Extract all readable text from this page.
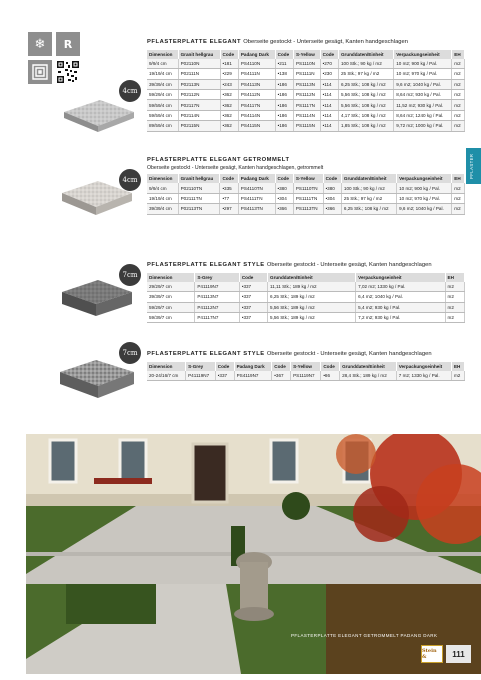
❄ R
PFLASTER
4cm
4cm
7cm
7cm
PFLASTERPLATTE ELEGANT Oberseite gestockt - Unterseite gesägt, Kanten handgeschlagen
Dimension	Granit hellgrau	Code	Padang Dark	Code	S-Yellow	Code	Grunddaten/Einheit	Verpackungseinheit	EH
9/9/4 cm	P02110N	•181	PS4110N	•211	PS1110N	•270	100 Stk.; 90 kg / m2	10 m2; 900 kg / Pal.	m2
19/19/4 cm	P02111N	•229	PS4111N	•138	PS1111N	•230	25 Stk.; 97 kg / m2	10 m2; 970 kg / Pal.	m2
39/39/4 cm	P02113N	•243	PS4113N	•186	PS1113N	•114	6,25 Stk.; 108 kg / m2	9,6 m2; 1040 kg / Pal.	m2
59/29/4 cm	P02112N	•362	PS4112N	•186	PS1112N	•114	5,56 Stk.; 108 kg / m2	8,64 m2; 930 kg / Pal.	m2
59/59/4 cm	P02117N	•362	PS4117N	•186	PS1117N	•114	5,56 Stk.; 108 kg / m2	11,52 m2; 930 kg / Pal.	m2
59/59/4 cm	P02114N	•362	PS4114N	•186	PS1114N	•114	4,17 Stk.; 108 kg / m2	8,64 m2; 1240 kg / Pal.	m2
89/59/4 cm	P02115N	•362	PS4115N	•186	PS1115N	•114	1,85 Stk.; 108 kg / m2	9,72 m2; 1000 kg / Pal.	m2
PFLASTERPLATTE ELEGANT GETROMMELT
Oberseite gestockt - Unterseite gesägt, Kanten handgeschlagen, getrommelt
Dimension	Granit hellgrau	Code	Padang Dark	Code	S-Yellow	Code	Grunddaten/Einheit	Verpackungseinheit	EH
9/9/4 cm	P02110TN	•335	PS4110TN	•380	PS1110TN	•380	100 Stk.; 90 kg / m2	10 m2; 900 kg / Pal.	m2
19/19/4 cm	P02111TN	•77	PS4111TN	•304	PS1111TN	•304	25 Stk.; 97 kg / m2	10 m2; 970 kg / Pal.	m2
39/39/4 cm	P02113TN	•297	PS4113TN	•366	PS1113TN	•366	6,25 Stk.; 108 kg / m2	9,6 m2; 1040 kg / Pal.	m2
PFLASTERPLATTE ELEGANT STYLE Oberseite gestockt - Unterseite gesägt, Kanten handgeschlagen
Dimension	S-Grey	Code	Grunddaten/Einheit	Verpackungseinheit	EH
29/29/7 cm	P41119N7	•337	11,11 Stk.; 189 kg / m2	7,02 m2; 1330 kg / Pal.	m2
39/39/7 cm	P41113N7	•337	6,25 Stk.; 189 kg / m2	6,4 m2; 1040 kg / Pal.	m2
59/29/7 cm	P41112N7	•337	5,56 Stk.; 189 kg / m2	5,4 m2; 930 kg / Pal.	m2
59/39/7 cm	P41117N7	•337	5,56 Stk.; 189 kg / m2	7,2 m2; 930 kg / Pal.	m2
PFLASTERPLATTE ELEGANT STYLE Oberseite gestockt - Unterseite gesägt, Kanten handgeschlagen
Dimension	S-Grey	Code	Padang Dark	Code	S-Yellow	Code	Grunddaten/Einheit	Verpackungseinheit	EH
20-24/16/7 cm	P41119N7	•337	PS4119N7	•367	PS1119N7	•86	28,4 Stk.; 189 kg / m2	7 m2; 1330 kg / Pal.	m2
PFLASTERPLATTE ELEGANT GETROMMELT PADANG DARK
Stein &	111
